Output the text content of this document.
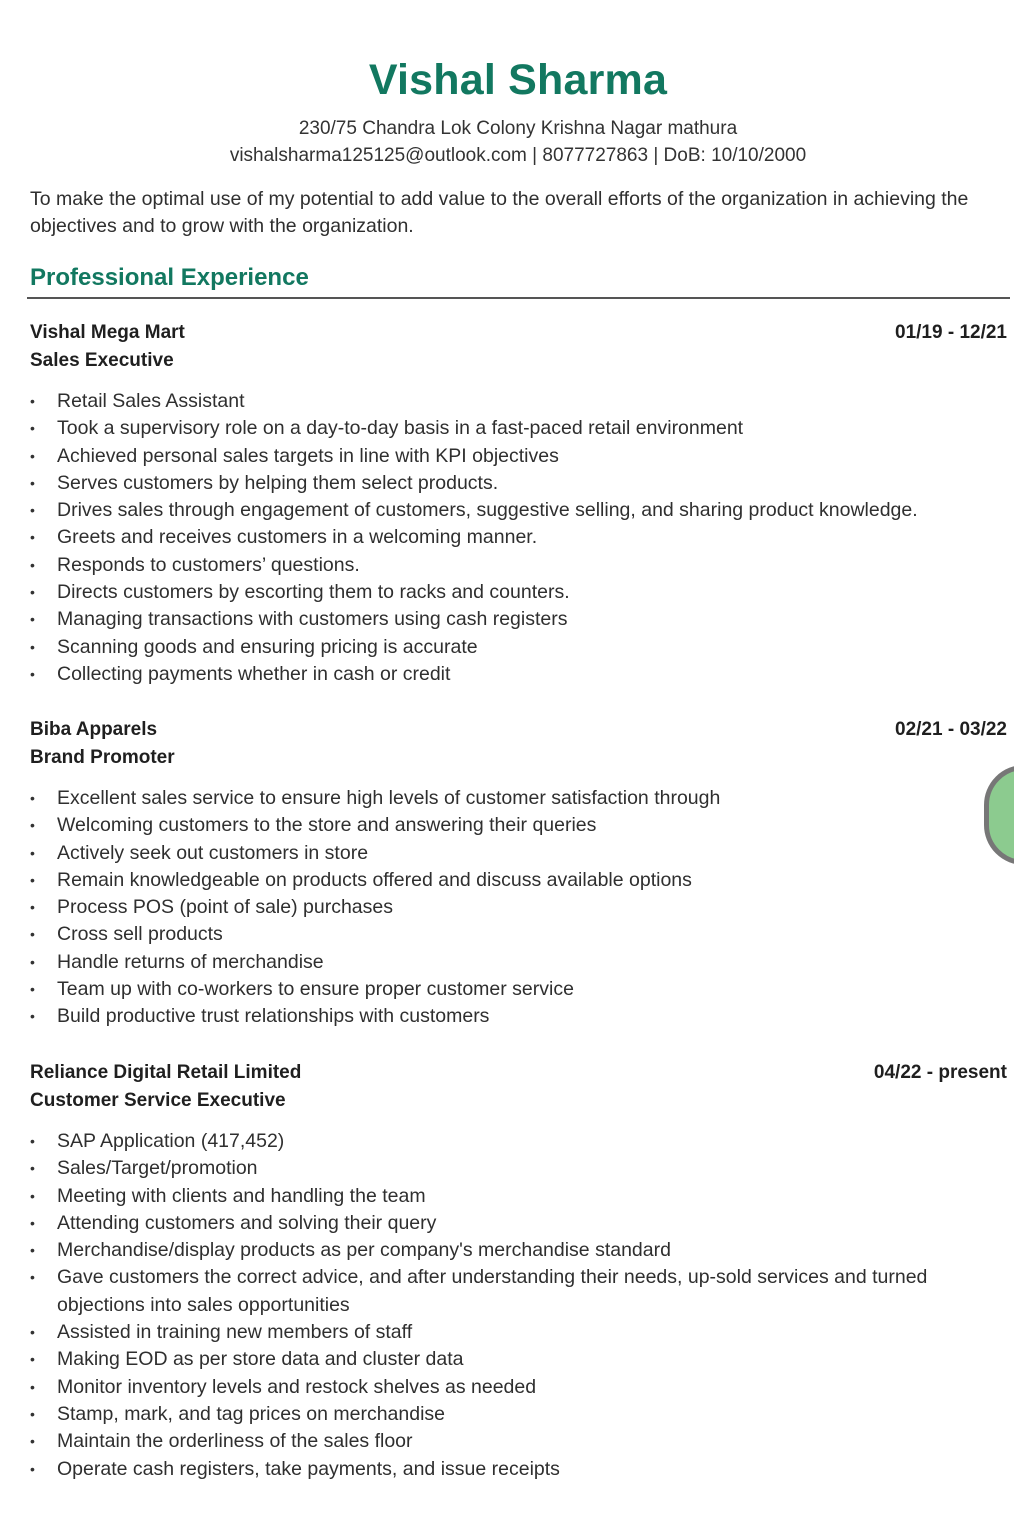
Vishal Sharma
230/75 Chandra Lok Colony Krishna Nagar mathura
vishalsharma125125@outlook.com | 8077727863 | DoB: 10/10/2000

To make the optimal use of my potential to add value to the overall efforts of the organization in achieving the objectives and to grow with the organization.

Professional Experience
Vishal Mega Mart
Sales Executive
01/19 - 12/21
• Retail Sales Assistant
• Took a supervisory role on a day-to-day basis in a fast-paced retail environment
• Achieved personal sales targets in line with KPI objectives
• Serves customers by helping them select products.
• Drives sales through engagement of customers, suggestive selling, and sharing product knowledge.
• Greets and receives customers in a welcoming manner.
• Responds to customers’ questions.
• Directs customers by escorting them to racks and counters.
• Managing transactions with customers using cash registers
• Scanning goods and ensuring pricing is accurate
• Collecting payments whether in cash or credit
Biba Apparels
Brand Promoter
02/21 - 03/22
• Excellent sales service to ensure high levels of customer satisfaction through
• Welcoming customers to the store and answering their queries
• Actively seek out customers in store
• Remain knowledgeable on products offered and discuss available options
• Process POS (point of sale) purchases
• Cross sell products
• Handle returns of merchandise
• Team up with co-workers to ensure proper customer service
• Build productive trust relationships with customers
Reliance Digital Retail Limited
Customer Service Executive
04/22 - present
• SAP Application (417,452)
• Sales/Target/promotion
• Meeting with clients and handling the team
• Attending customers and solving their query
• Merchandise/display products as per company's merchandise standard
• Gave customers the correct advice, and after understanding their needs, up-sold services and turned objections into sales opportunities
• Assisted in training new members of staff
• Making EOD as per store data and cluster data
• Monitor inventory levels and restock shelves as needed
• Stamp, mark, and tag prices on merchandise
• Maintain the orderliness of the sales floor
• Operate cash registers, take payments, and issue receipts
